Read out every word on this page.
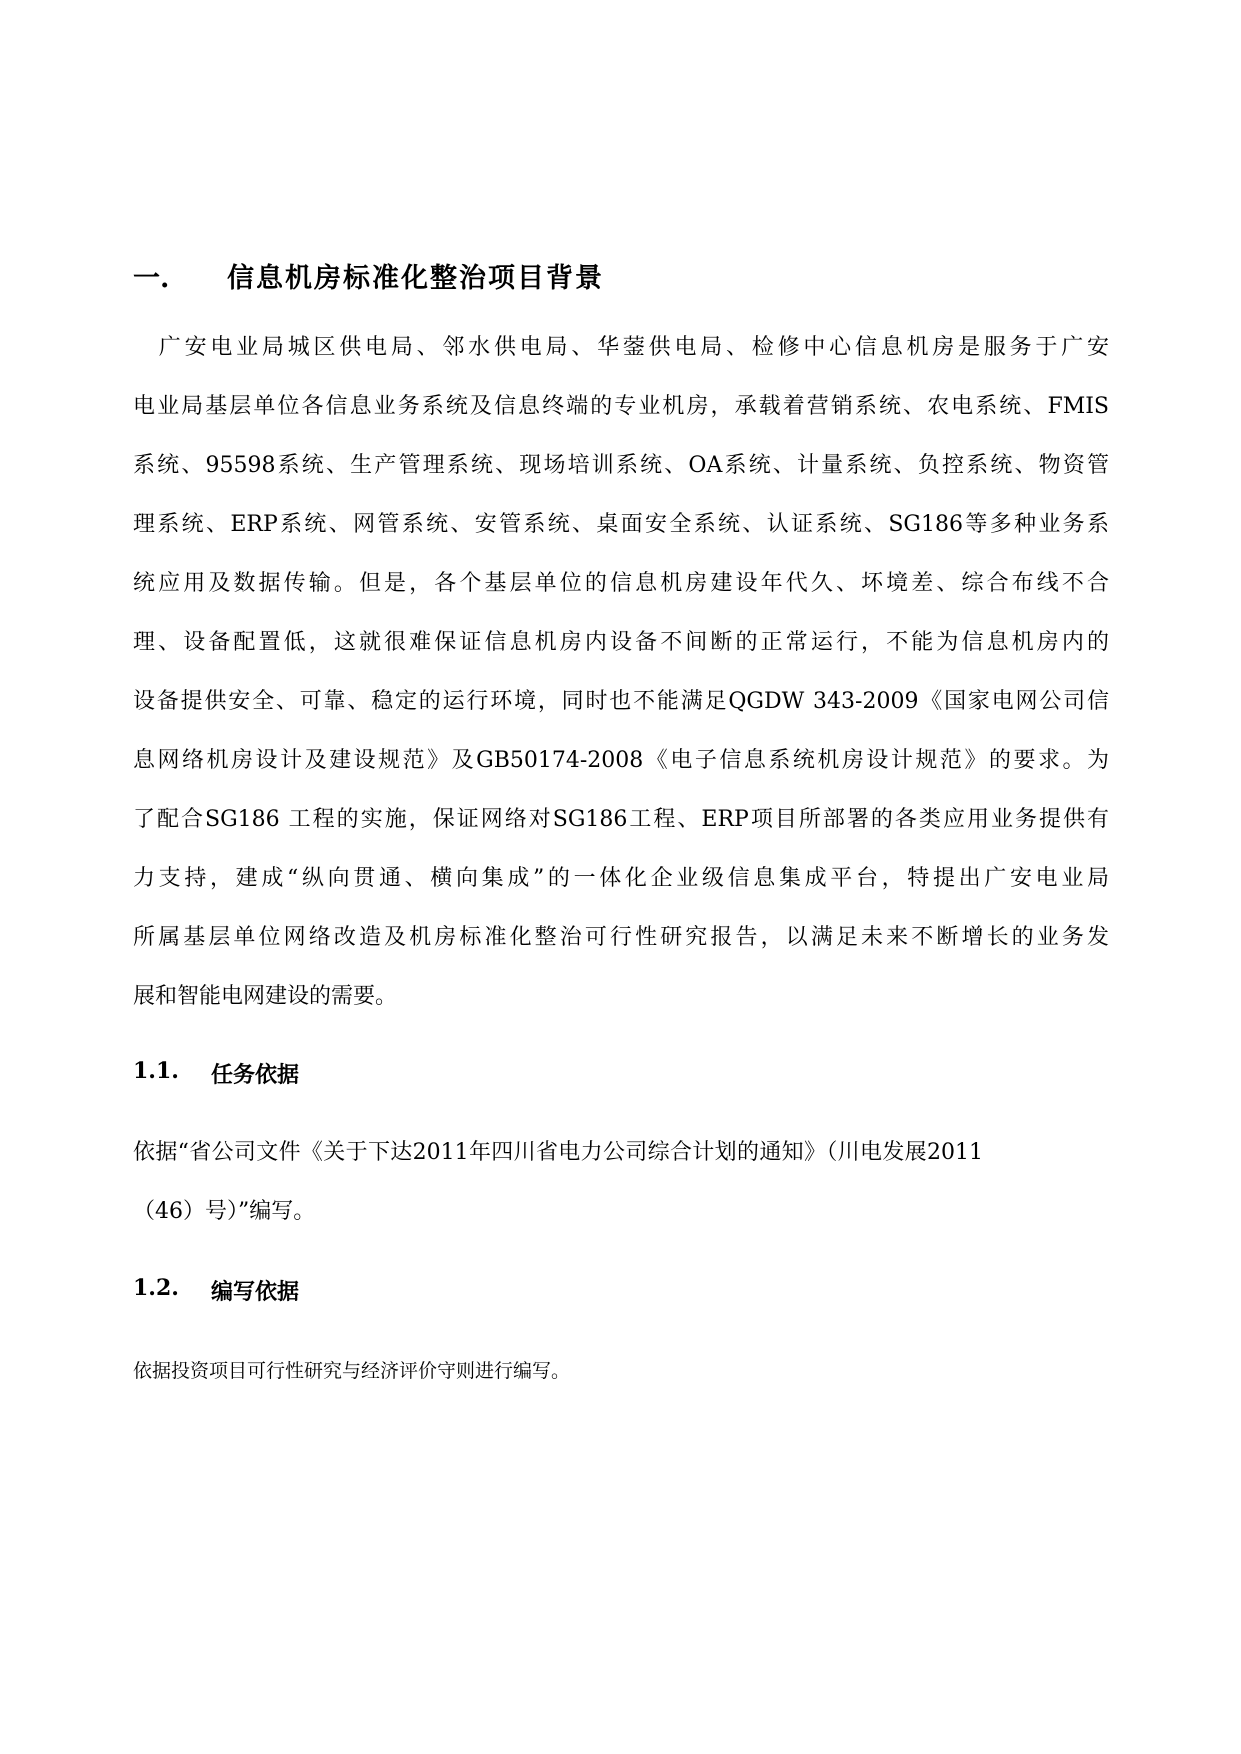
一. 信息机房标准化整治项目背景
　广安电业局城区供电局、邻水供电局、华蓥供电局、检修中心信息机房是服务于广安
电业局基层单位各信息业务系统及信息终端的专业机房，承载着营销系统、农电系统、FMIS
系统、95598系统、生产管理系统、现场培训系统、OA系统、计量系统、负控系统、物资管
理系统、ERP系统、网管系统、安管系统、桌面安全系统、认证系统、SG186等多种业务系
统应用及数据传输。但是，各个基层单位的信息机房建设年代久、坏境差、综合布线不合
理、设备配置低，这就很难保证信息机房内设备不间断的正常运行，不能为信息机房内的
设备提供安全、可靠、稳定的运行环境，同时也不能满足QGDW 343-2009《国家电网公司信
息网络机房设计及建设规范》及GB50174-2008《电子信息系统机房设计规范》的要求。为
了配合SG186 工程的实施，保证网络对SG186工程、ERP项目所部署的各类应用业务提供有
力支持，建成“纵向贯通、横向集成”的一体化企业级信息集成平台，特提出广安电业局
所属基层单位网络改造及机房标准化整治可行性研究报告，以满足未来不断增长的业务发
展和智能电网建设的需要。
1.1. 任务依据
依据“省公司文件《关于下达2011年四川省电力公司综合计划的通知》（川电发展2011
（46）号）”编写。
1.2. 编写依据
依据投资项目可行性研究与经济评价守则进行编写。
